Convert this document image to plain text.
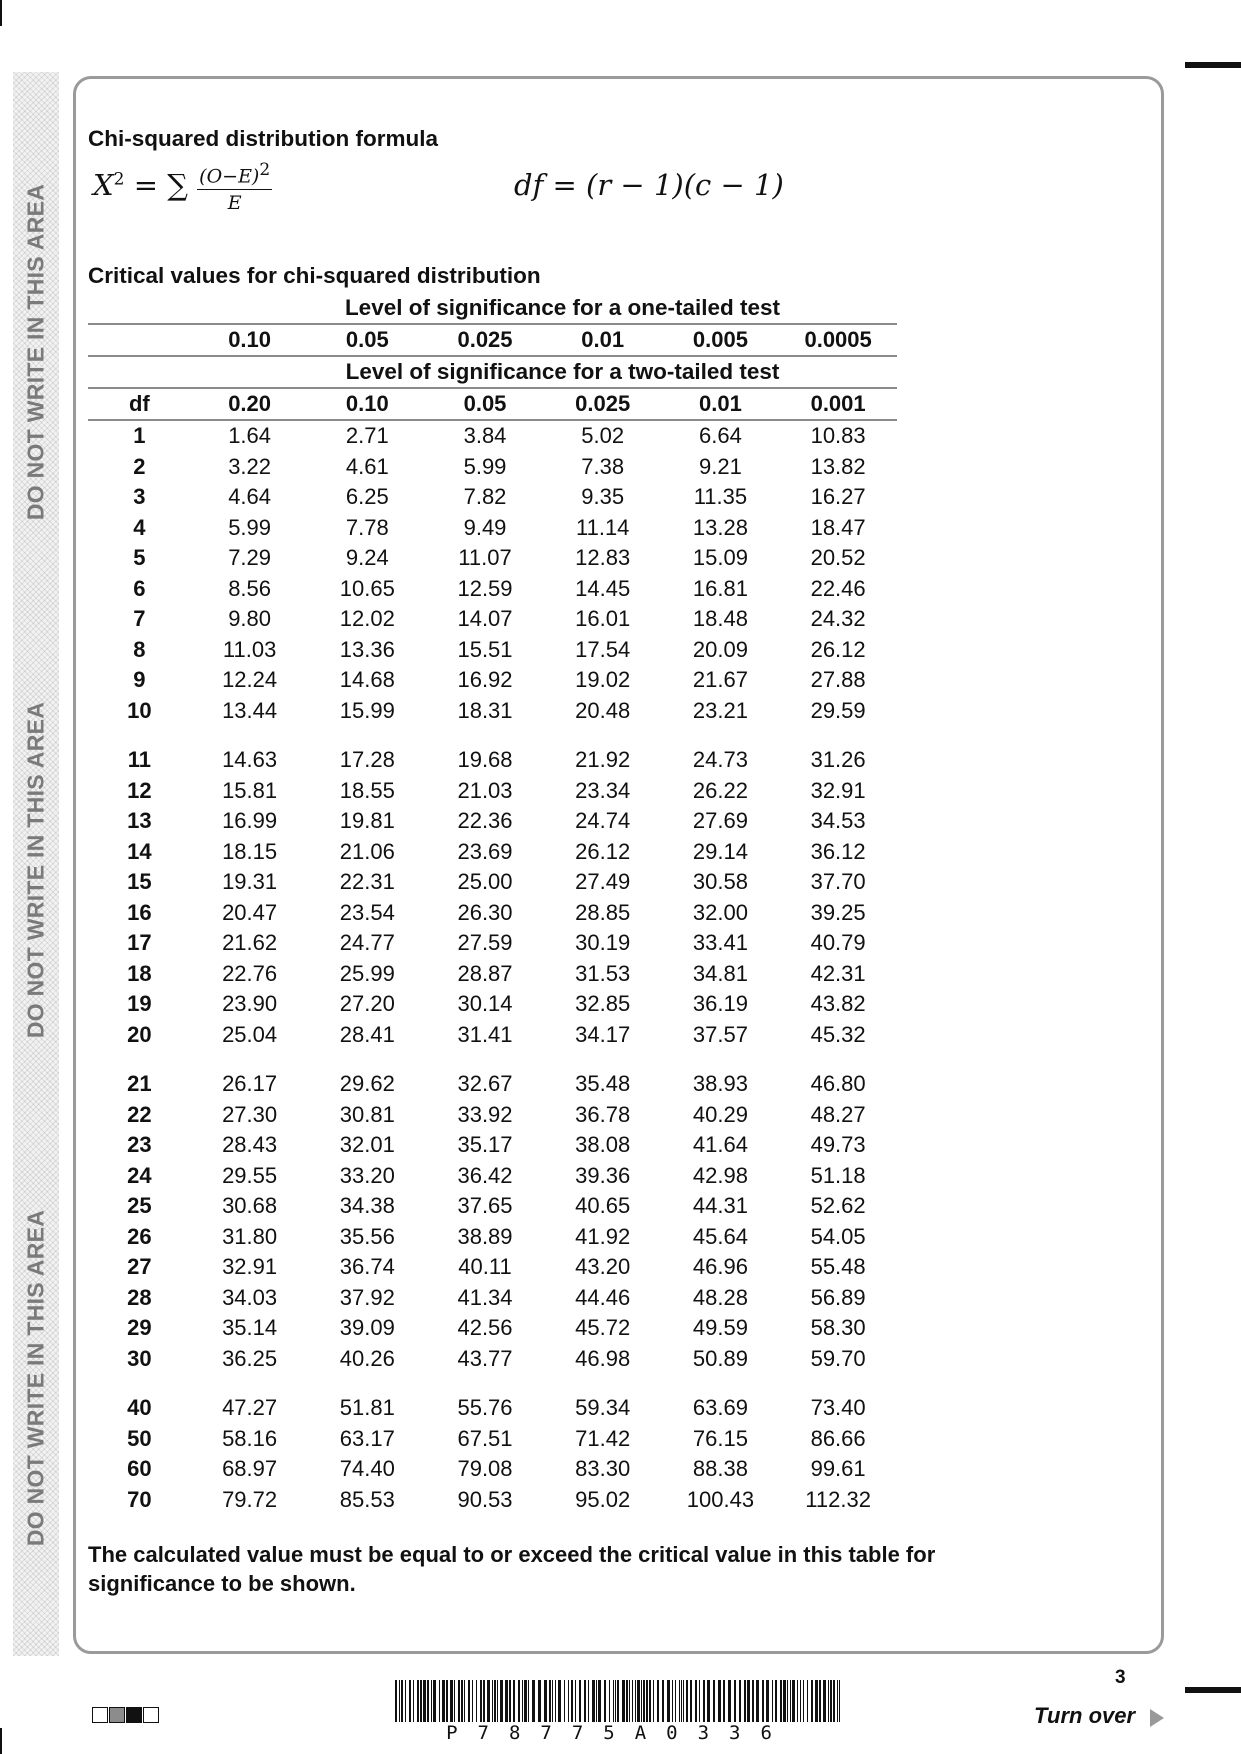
DO NOT WRITE IN THIS AREA
DO NOT WRITE IN THIS AREA
DO NOT WRITE IN THIS AREA
Chi-squared distribution formula
$X^2$ = ∑ $\frac{(O-E)2}{E}$	df = (r − 1)(c − 1)
Critical values for chi-squared distribution
Level of significance for a one-tailed test
0.10	0.05	0.025	0.01	0.005	0.0005
Level of significance for a two-tailed test
df	0.20	0.10	0.05	0.025	0.01	0.001
1	1.64	2.71	3.84	5.02	6.64	10.83
2	3.22	4.61	5.99	7.38	9.21	13.82
3	4.64	6.25	7.82	9.35	11.35	16.27
4	5.99	7.78	9.49	11.14	13.28	18.47
5	7.29	9.24	11.07	12.83	15.09	20.52
6	8.56	10.65	12.59	14.45	16.81	22.46
7	9.80	12.02	14.07	16.01	18.48	24.32
8	11.03	13.36	15.51	17.54	20.09	26.12
9	12.24	14.68	16.92	19.02	21.67	27.88
10	13.44	15.99	18.31	20.48	23.21	29.59
11	14.63	17.28	19.68	21.92	24.73	31.26
12	15.81	18.55	21.03	23.34	26.22	32.91
13	16.99	19.81	22.36	24.74	27.69	34.53
14	18.15	21.06	23.69	26.12	29.14	36.12
15	19.31	22.31	25.00	27.49	30.58	37.70
16	20.47	23.54	26.30	28.85	32.00	39.25
17	21.62	24.77	27.59	30.19	33.41	40.79
18	22.76	25.99	28.87	31.53	34.81	42.31
19	23.90	27.20	30.14	32.85	36.19	43.82
20	25.04	28.41	31.41	34.17	37.57	45.32
21	26.17	29.62	32.67	35.48	38.93	46.80
22	27.30	30.81	33.92	36.78	40.29	48.27
23	28.43	32.01	35.17	38.08	41.64	49.73
24	29.55	33.20	36.42	39.36	42.98	51.18
25	30.68	34.38	37.65	40.65	44.31	52.62
26	31.80	35.56	38.89	41.92	45.64	54.05
27	32.91	36.74	40.11	43.20	46.96	55.48
28	34.03	37.92	41.34	44.46	48.28	56.89
29	35.14	39.09	42.56	45.72	49.59	58.30
30	36.25	40.26	43.77	46.98	50.89	59.70
40	47.27	51.81	55.76	59.34	63.69	73.40
50	58.16	63.17	67.51	71.42	76.15	86.66
60	68.97	74.40	79.08	83.30	88.38	99.61
70	79.72	85.53	90.53	95.02	100.43	112.32
The calculated value must be equal to or exceed the critical value in this table for significance to be shown.
P78775A0336
3
Turn over
